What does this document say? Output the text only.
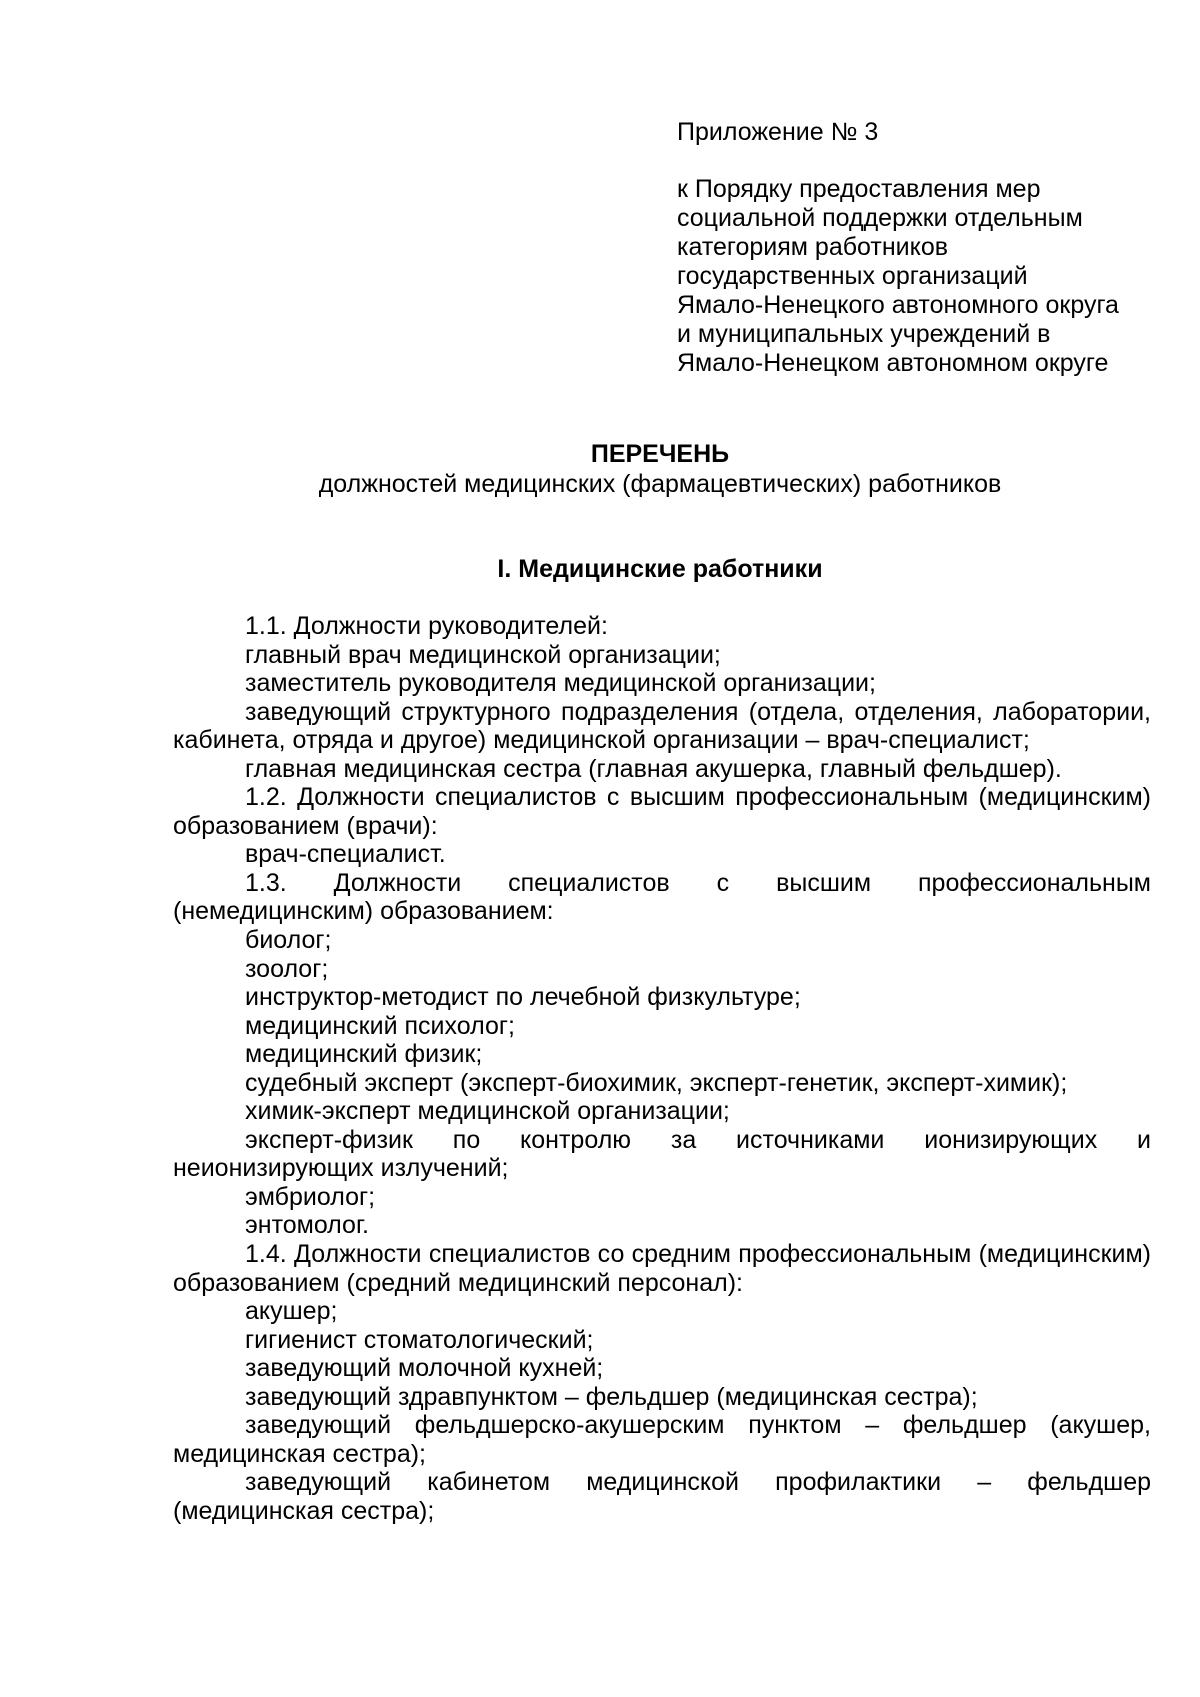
Приложение № 3
к Порядку предоставления мер
социальной поддержки отдельным
категориям работников
государственных организаций
Ямало-Ненецкого автономного округа
и муниципальных учреждений в
Ямало-Ненецком автономном округе
ПЕРЕЧЕНЬ
должностей медицинских (фармацевтических) работников
I. Медицинские работники

1.1. Должности руководителей:

главный врач медицинской организации;

заместитель руководителя медицинской организации;

заведующий структурного подразделения (отдела, отделения, лаборатории, кабинета, отряда и другое) медицинской организации – врач-специалист;

главная медицинская сестра (главная акушерка, главный фельдшер).

1.2. Должности специалистов с высшим профессиональным (медицинским) образованием (врачи):

врач-специалист.

1.3. Должности специалистов с высшим профессиональным (немедицинским) образованием:

биолог;

зоолог;

инструктор-методист по лечебной физкультуре;

медицинский психолог;

медицинский физик;

судебный эксперт (эксперт-биохимик, эксперт-генетик, эксперт-химик);

химик-эксперт медицинской организации;

эксперт-физик по контролю за источниками ионизирующих и неионизирующих излучений;

эмбриолог;

энтомолог.

1.4. Должности специалистов со средним профессиональным (медицинским) образованием (средний медицинский персонал):

акушер;

гигиенист стоматологический;

заведующий молочной кухней;

заведующий здравпунктом – фельдшер (медицинская сестра);

заведующий фельдшерско-акушерским пунктом – фельдшер (акушер, медицинская сестра);

заведующий кабинетом медицинской профилактики – фельдшер (медицинская сестра);
